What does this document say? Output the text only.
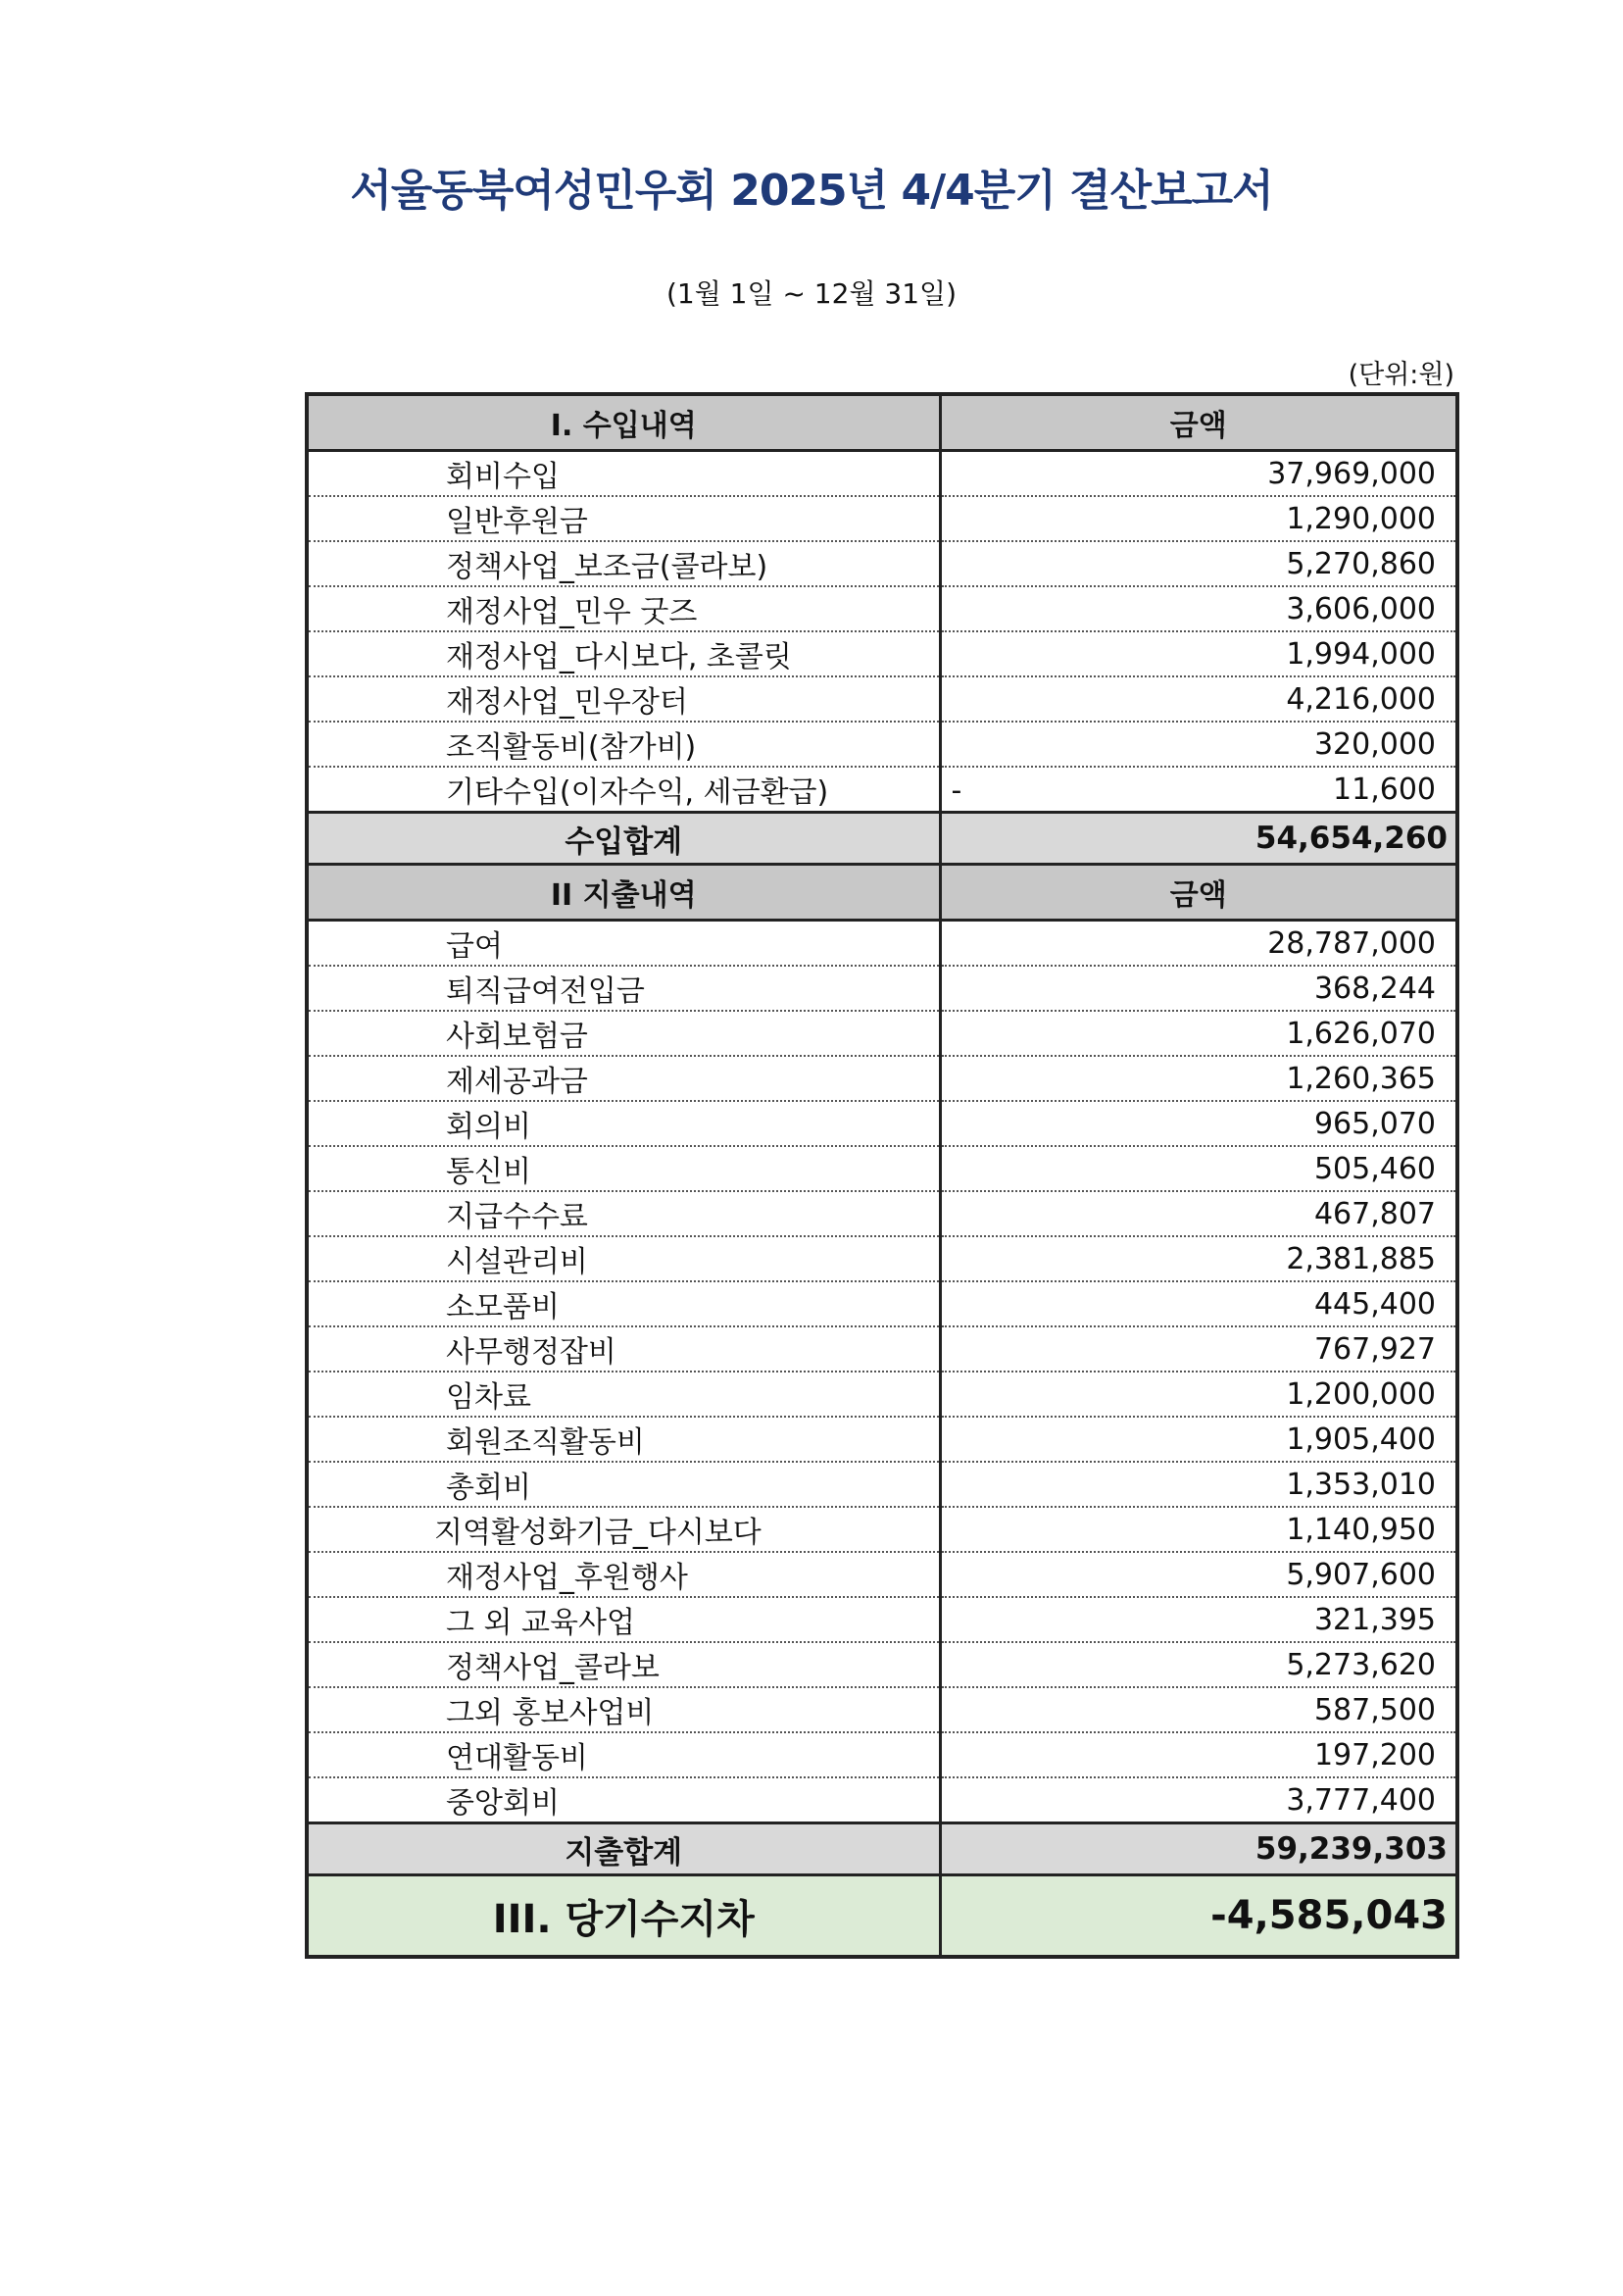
서울동북여성민우회 2025년 4/4분기 결산보고서
(1월 1일 ~ 12월 31일)
(단위:원)
I. 수입내역	금액
회비수입	37,969,000
일반후원금	1,290,000
정책사업_보조금(콜라보)	5,270,860
재정사업_민우 굿즈	3,606,000
재정사업_다시보다, 초콜릿	1,994,000
재정사업_민우장터	4,216,000
조직활동비(참가비)	320,000
기타수입(이자수익, 세금환급)	- 11,600
수입합계	54,654,260
II 지출내역	금액
급여	28,787,000
퇴직급여전입금	368,244
사회보험금	1,626,070
제세공과금	1,260,365
회의비	965,070
통신비	505,460
지급수수료	467,807
시설관리비	2,381,885
소모품비	445,400
사무행정잡비	767,927
임차료	1,200,000
회원조직활동비	1,905,400
총회비	1,353,010
지역활성화기금_다시보다	1,140,950
재정사업_후원행사	5,907,600
그 외 교육사업	321,395
정책사업_콜라보	5,273,620
그외 홍보사업비	587,500
연대활동비	197,200
중앙회비	3,777,400
지출합계	59,239,303
III. 당기수지차	-4,585,043
